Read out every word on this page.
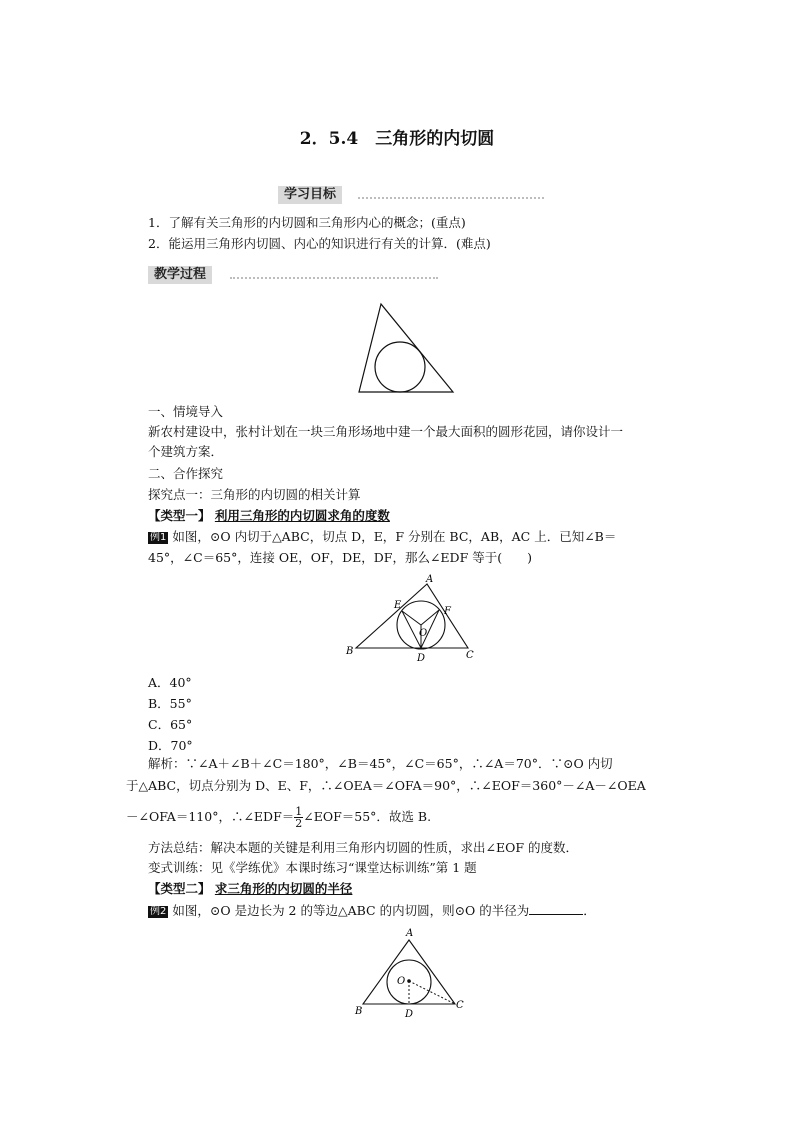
2．5.4　三角形的内切圆
学习目标
1．了解有关三角形的内切圆和三角形内心的概念；(重点)
2．能运用三角形内切圆、内心的知识进行有关的计算．(难点)
教学过程
一、情境导入
新农村建设中，张村计划在一块三角形场地中建一个最大面积的圆形花园，请你设计一
个建筑方案．
二、合作探究
探究点一：三角形的内切圆的相关计算
【类型一】 利用三角形的内切圆求角的度数
例1 如图，⊙O 内切于△ABC，切点 D，E，F 分别在 BC，AB，AC 上．已知∠B＝
45°，∠C＝65°，连接 OE，OF，DE，DF，那么∠EDF 等于(　　)
A
B	C
D
E
F
O
A．40°
B．55°
C．65°
D．70°
解析：∵∠A＋∠B＋∠C＝180°，∠B＝45°，∠C＝65°，∴∠A＝70°．∵⊙O 内切
于△ABC，切点分别为 D、E、F，∴∠OEA＝∠OFA＝90°，∴∠EOF＝360°－∠A－∠OEA
－∠OFA＝110°，∴∠EDF＝ $\frac{1}{2}$ ∠EOF＝55°．故选 B.
方法总结：解决本题的关键是利用三角形内切圆的性质，求出∠EOF 的度数．
变式训练：见《学练优》本课时练习“课堂达标训练”第 1 题
【类型二】 求三角形的内切圆的半径
例2 如图，⊙O 是边长为 2 的等边△ABC 的内切圆，则⊙O 的半径为	．
A
B
C
D
O
